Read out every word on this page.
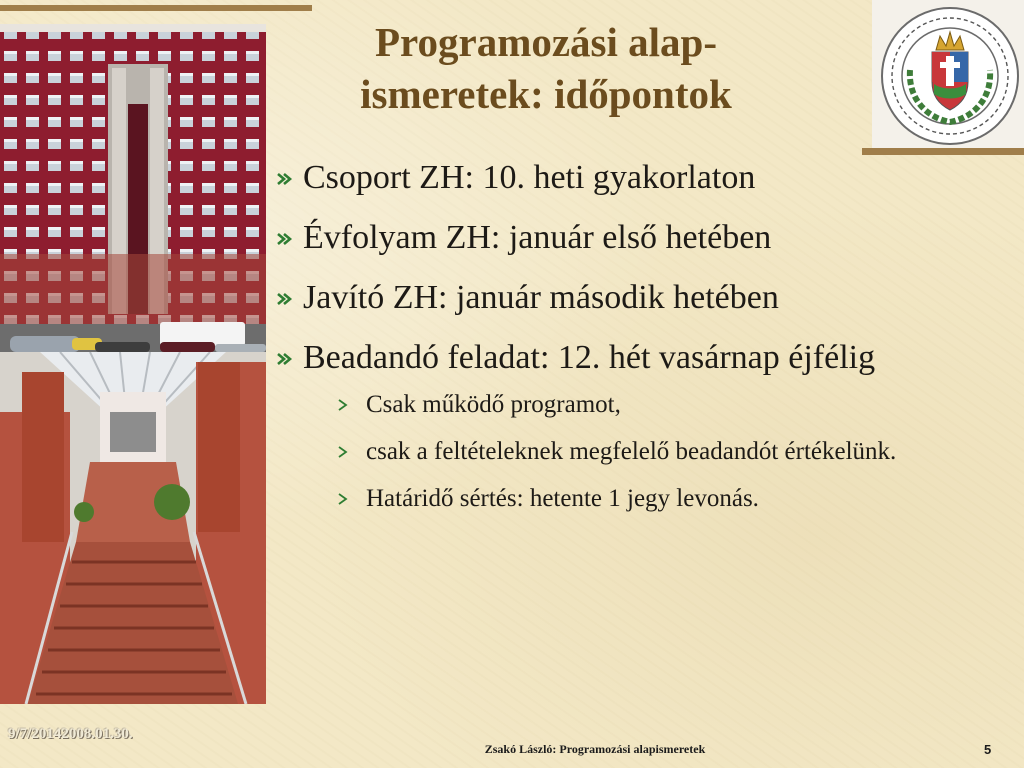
Programozási alap-
ismeretek: időpontok
Csoport ZH: 10. heti gyakorlaton
Évfolyam ZH: január első hetében
Javító ZH: január második hetében
Beadandó feladat: 12. hét vasárnap éjfélig
Csak működő programot,
csak a feltételeknek megfelelő beadandót értékelünk.
Határidő sértés: hetente 1 jegy levonás.
9/7/20142008.01.30.
Zsakó László: Programozási alapismeretek	5
